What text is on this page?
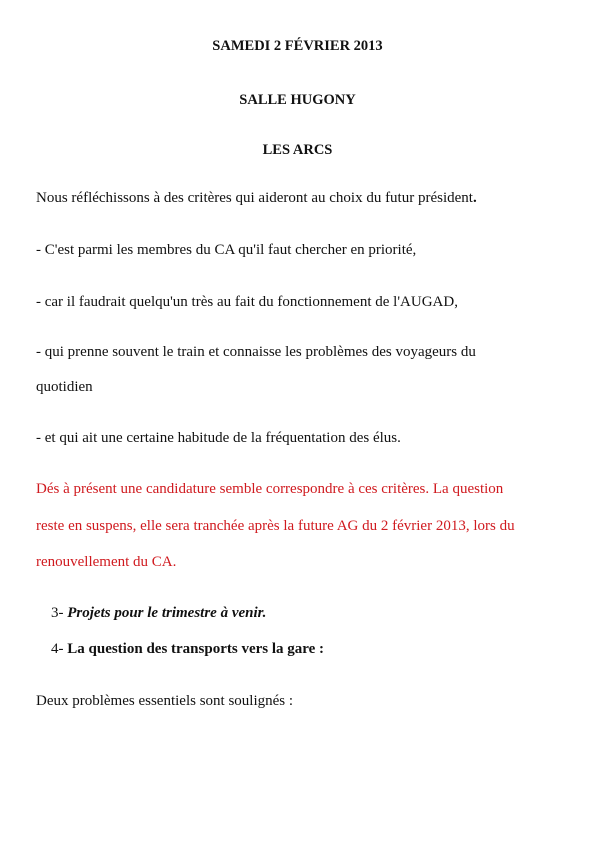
SAMEDI 2 FÉVRIER 2013
SALLE HUGONY
LES ARCS
Nous réfléchissons à des critères qui aideront au choix du futur président.
- C'est parmi les membres du CA qu'il faut chercher en priorité,
- car il faudrait quelqu'un très au fait du fonctionnement de l'AUGAD,
- qui prenne souvent le train et connaisse les problèmes des voyageurs du
quotidien
- et qui ait une certaine habitude de la fréquentation des élus.
Dés à présent une candidature semble correspondre à ces critères. La question
reste en suspens, elle sera tranchée après la future AG du 2 février 2013, lors du
renouvellement du CA.
3- Projets pour le trimestre à venir.
4- La question des transports vers la gare :
Deux problèmes essentiels sont soulignés :
